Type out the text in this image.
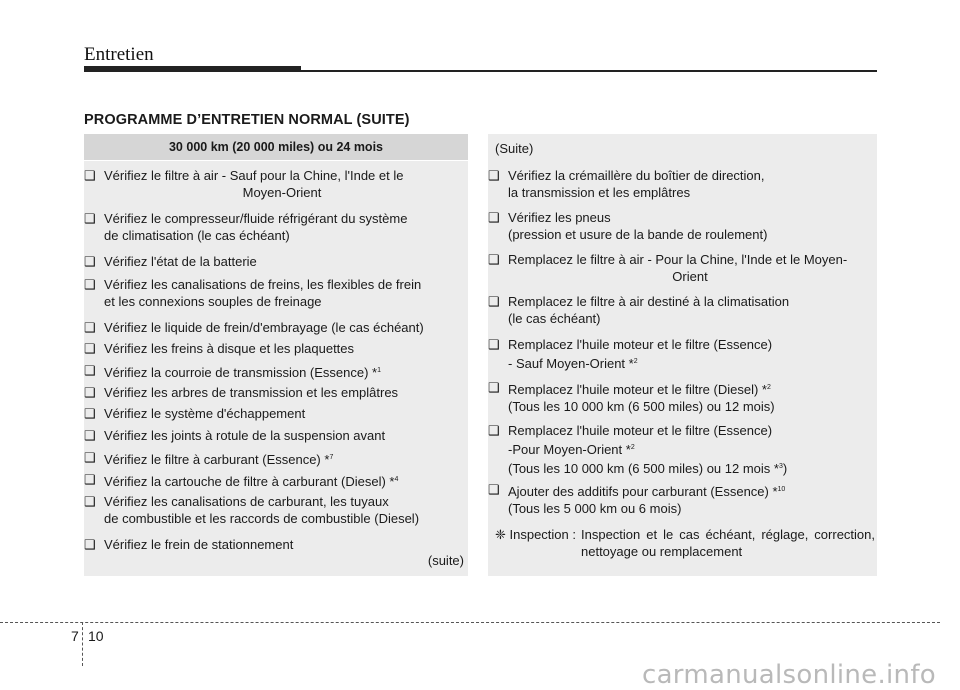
Entretien
PROGRAMME D’ENTRETIEN NORMAL (SUITE)
30 000 km (20 000 miles) ou 24 mois
❑ Vérifiez le filtre à air - Sauf pour la Chine, l'Inde et le
Moyen-Orient
❑ Vérifiez le compresseur/fluide réfrigérant du système
de climatisation (le cas échéant)
❑ Vérifiez l'état de la batterie
❑ Vérifiez les canalisations de freins, les flexibles de frein
et les connexions souples de freinage
❑ Vérifiez le liquide de frein/d'embrayage (le cas échéant)
❑ Vérifiez les freins à disque et les plaquettes
❑ Vérifiez la courroie de transmission (Essence) *$^1$
❑ Vérifiez les arbres de transmission et les emplâtres
❑ Vérifiez le système d'échappement
❑ Vérifiez les joints à rotule de la suspension avant
❑ Vérifiez le filtre à carburant (Essence) *$^7$
❑ Vérifiez la cartouche de filtre à carburant (Diesel) *$^4$
❑ Vérifiez les canalisations de carburant, les tuyaux
de combustible et les raccords de combustible (Diesel)
❑ Vérifiez le frein de stationnement
(suite)
(Suite)
❑ Vérifiez la crémaillère du boîtier de direction,
la transmission et les emplâtres
❑ Vérifiez les pneus
(pression et usure de la bande de roulement)
❑ Remplacez le filtre à air - Pour la Chine, l'Inde et le Moyen-
Orient
❑ Remplacez le filtre à air destiné à la climatisation
(le cas échéant)
❑ Remplacez l'huile moteur et le filtre (Essence)
- Sauf Moyen-Orient *$^2$
❑ Remplacez l'huile moteur et le filtre (Diesel) *$^2$
(Tous les 10 000 km (6 500 miles) ou 12 mois)
❑ Remplacez l'huile moteur et le filtre (Essence)
-Pour Moyen-Orient *$^2$
(Tous les 10 000 km (6 500 miles) ou 12 mois *$^3$)
❑ Ajouter des additifs pour carburant (Essence) *$^{10}$
(Tous les 5 000 km ou 6 mois)
❈ Inspection : Inspection et le cas échéant, réglage, correction, nettoyage ou remplacement
7 10
carmanualsonline.info
